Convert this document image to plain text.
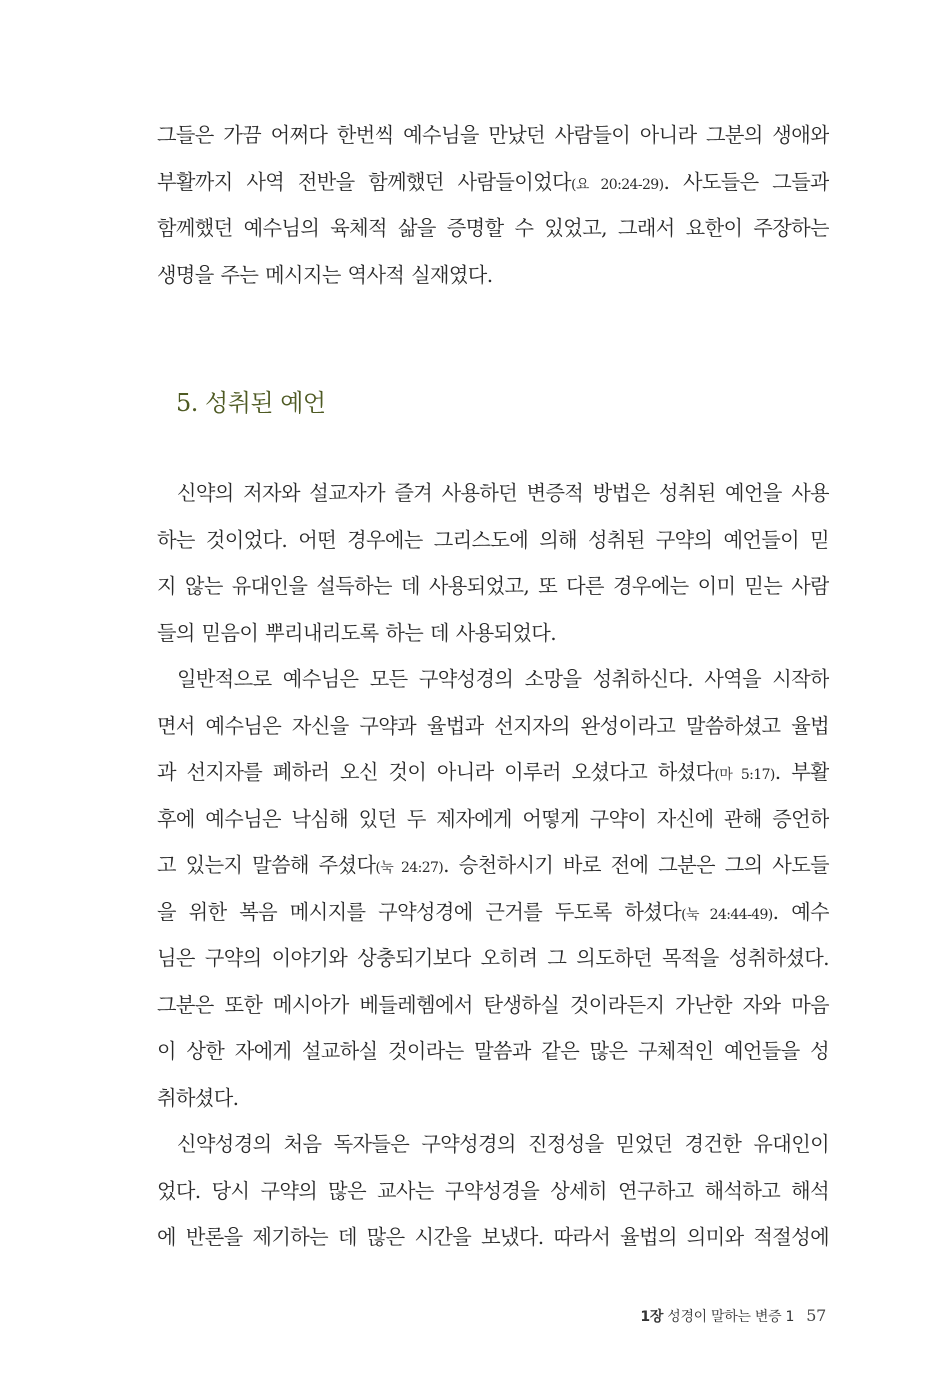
그들은 가끔 어쩌다 한번씩 예수님을 만났던 사람들이 아니라 그분의 생애와
부활까지 사역 전반을 함께했던 사람들이었다(요 20:24-29). 사도들은 그들과
함께했던 예수님의 육체적 삶을 증명할 수 있었고, 그래서 요한이 주장하는
생명을 주는 메시지는 역사적 실재였다.
5. 성취된 예언
신약의 저자와 설교자가 즐겨 사용하던 변증적 방법은 성취된 예언을 사용
하는 것이었다. 어떤 경우에는 그리스도에 의해 성취된 구약의 예언들이 믿
지 않는 유대인을 설득하는 데 사용되었고, 또 다른 경우에는 이미 믿는 사람
들의 믿음이 뿌리내리도록 하는 데 사용되었다.
일반적으로 예수님은 모든 구약성경의 소망을 성취하신다. 사역을 시작하
면서 예수님은 자신을 구약과 율법과 선지자의 완성이라고 말씀하셨고 율법
과 선지자를 폐하러 오신 것이 아니라 이루러 오셨다고 하셨다(마 5:17). 부활
후에 예수님은 낙심해 있던 두 제자에게 어떻게 구약이 자신에 관해 증언하
고 있는지 말씀해 주셨다(눅 24:27). 승천하시기 바로 전에 그분은 그의 사도들
을 위한 복음 메시지를 구약성경에 근거를 두도록 하셨다(눅 24:44-49). 예수
님은 구약의 이야기와 상충되기보다 오히려 그 의도하던 목적을 성취하셨다.
그분은 또한 메시아가 베들레헴에서 탄생하실 것이라든지 가난한 자와 마음
이 상한 자에게 설교하실 것이라는 말씀과 같은 많은 구체적인 예언들을 성
취하셨다.
신약성경의 처음 독자들은 구약성경의 진정성을 믿었던 경건한 유대인이
었다. 당시 구약의 많은 교사는 구약성경을 상세히 연구하고 해석하고 해석
에 반론을 제기하는 데 많은 시간을 보냈다. 따라서 율법의 의미와 적절성에
1장 성경이 말하는 변증 1 57
